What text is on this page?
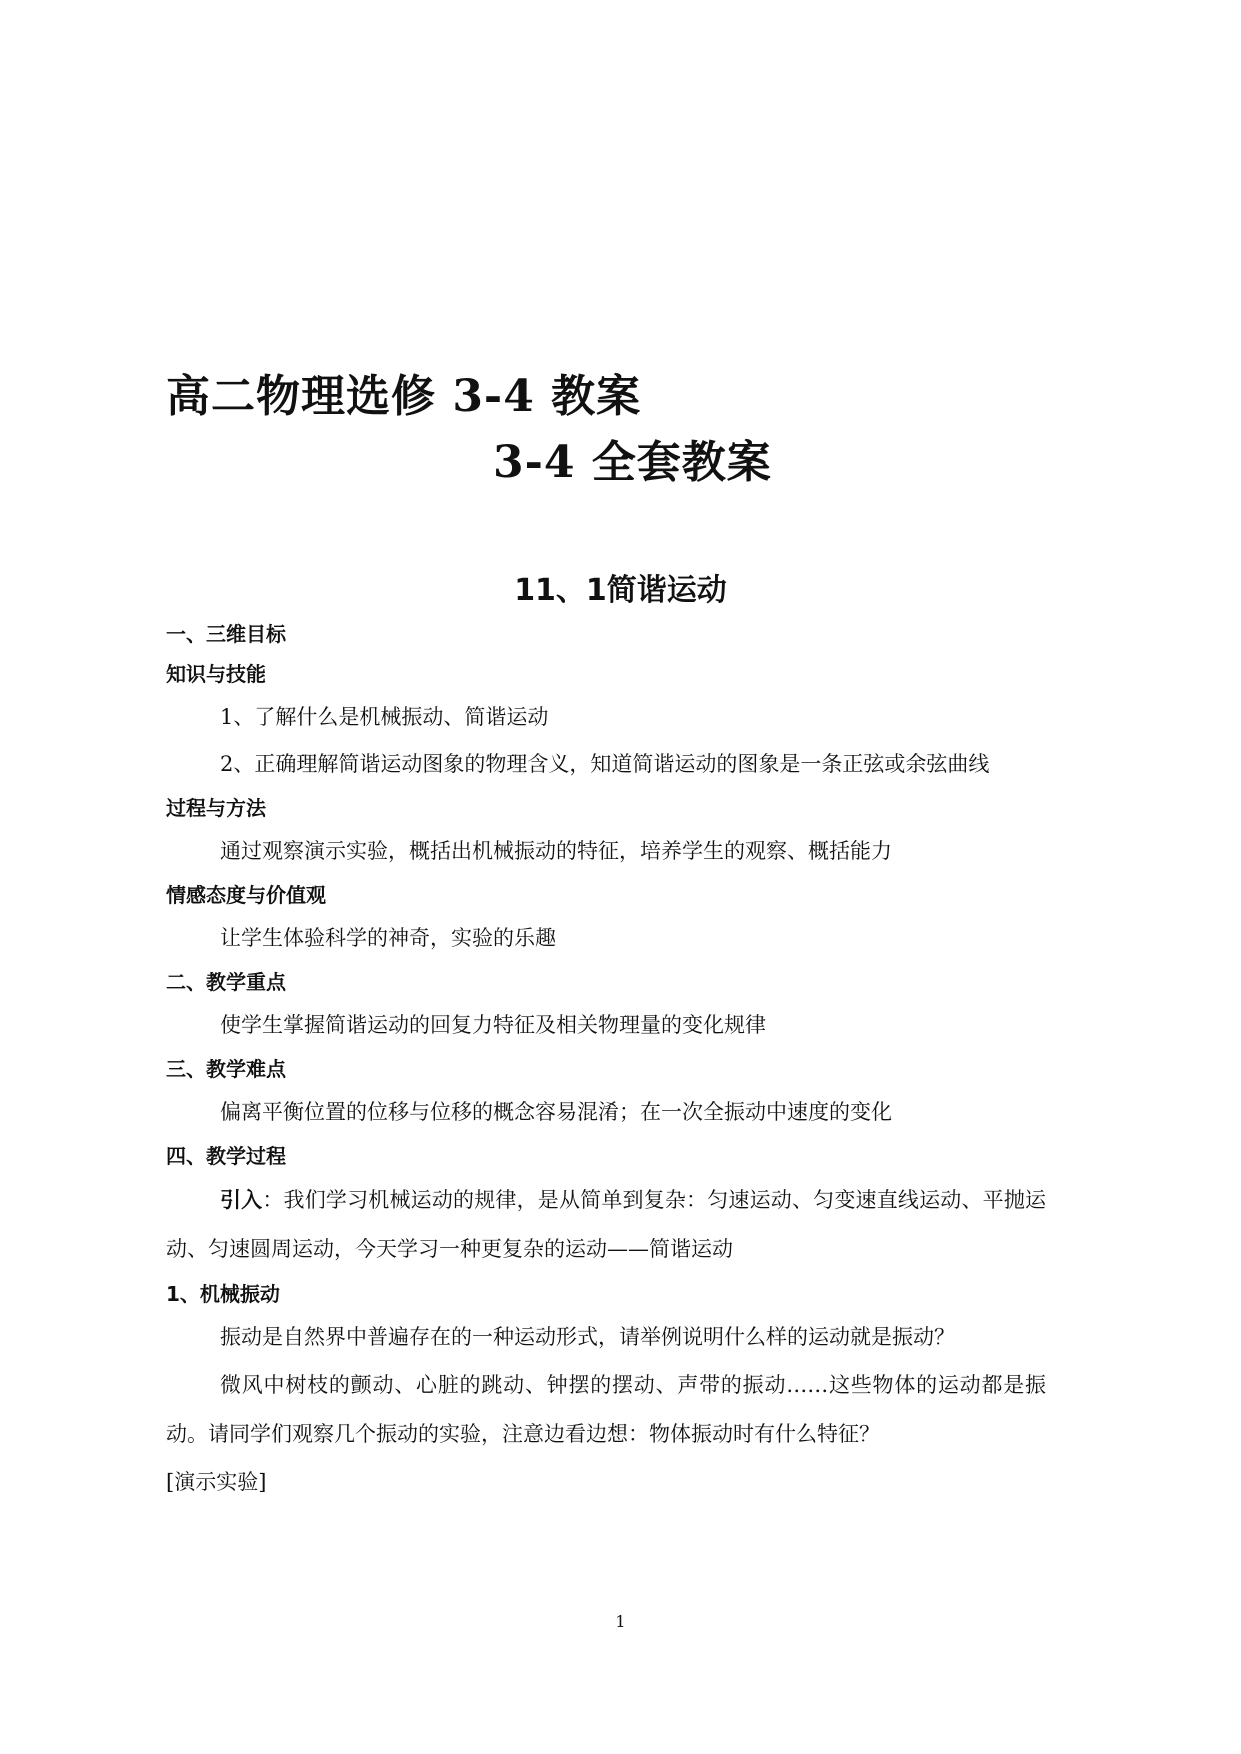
高二物理选修 3-4 教案
3-4 全套教案
11、1简谐运动
一、三维目标
知识与技能
1、了解什么是机械振动、简谐运动
2、正确理解简谐运动图象的物理含义，知道简谐运动的图象是一条正弦或余弦曲线
过程与方法
通过观察演示实验，概括出机械振动的特征，培养学生的观察、概括能力
情感态度与价值观
让学生体验科学的神奇，实验的乐趣
二、教学重点
使学生掌握简谐运动的回复力特征及相关物理量的变化规律
三、教学难点
偏离平衡位置的位移与位移的概念容易混淆；在一次全振动中速度的变化
四、教学过程

引入：我们学习机械运动的规律，是从简单到复杂：匀速运动、匀变速直线运动、平抛运动、匀速圆周运动，今天学习一种更复杂的运动——简谐运动

1、机械振动
振动是自然界中普遍存在的一种运动形式，请举例说明什么样的运动就是振动？

微风中树枝的颤动、心脏的跳动、钟摆的摆动、声带的振动……这些物体的运动都是振动。请同学们观察几个振动的实验，注意边看边想：物体振动时有什么特征？

[演示实验]
1
